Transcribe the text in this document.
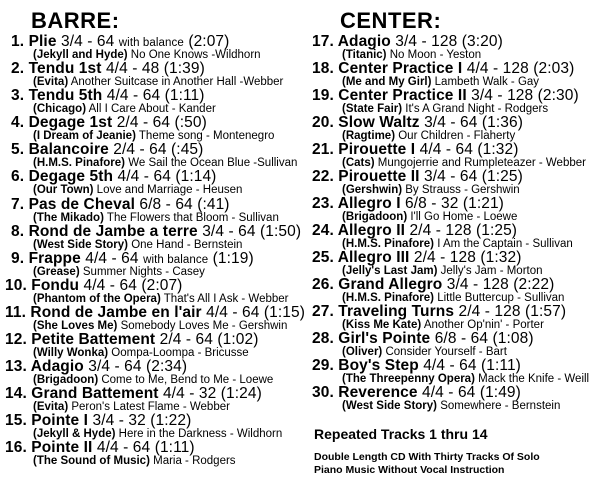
BARRE:
1. Plie 3/4 - 64 with balance (2:07)
(Jekyll and Hyde) No One Knows -Wildhorn
2. Tendu 1st 4/4 - 48 (1:39)
(Evita) Another Suitcase in Another Hall -Webber
3. Tendu 5th 4/4 - 64 (1:11)
(Chicago) All I Care About - Kander
4. Degage 1st 2/4 - 64 (:50)
(I Dream of Jeanie) Theme song - Montenegro
5. Balancoire 2/4 - 64 (:45)
(H.M.S. Pinafore) We Sail the Ocean Blue -Sullivan
6. Degage 5th 4/4 - 64 (1:14)
(Our Town) Love and Marriage - Heusen
7. Pas de Cheval 6/8 - 64 (:41)
(The Mikado) The Flowers that Bloom - Sullivan
8. Rond de Jambe a terre 3/4 - 64 (1:50)
(West Side Story) One Hand - Bernstein
9. Frappe 4/4 - 64 with balance (1:19)
(Grease) Summer Nights - Casey
10. Fondu 4/4 - 64 (2:07)
(Phantom of the Opera) That's All I Ask - Webber
11. Rond de Jambe en l'air 4/4 - 64 (1:15)
(She Loves Me) Somebody Loves Me - Gershwin
12. Petite Battement 2/4 - 64 (1:02)
(Willy Wonka) Oompa-Loompa - Bricusse
13. Adagio 3/4 - 64 (2:34)
(Brigadoon) Come to Me, Bend to Me - Loewe
14. Grand Battement 4/4 - 32 (1:24)
(Evita) Peron's Latest Flame - Webber
15. Pointe I 3/4 - 32 (1:22)
(Jekyll & Hyde) Here in the Darkness - Wildhorn
16. Pointe II 4/4 - 64 (1:11)
(The Sound of Music) Maria - Rodgers
CENTER:
17. Adagio 3/4 - 128 (3:20)
(Titanic) No Moon - Yeston
18. Center Practice I 4/4 - 128 (2:03)
(Me and My Girl) Lambeth Walk - Gay
19. Center Practice II 3/4 - 128 (2:30)
(State Fair) It's A Grand Night - Rodgers
20. Slow Waltz 3/4 - 64 (1:36)
(Ragtime) Our Children - Flaherty
21. Pirouette I 4/4 - 64 (1:32)
(Cats) Mungojerrie and Rumpleteazer - Webber
22. Pirouette II 3/4 - 64 (1:25)
(Gershwin) By Strauss - Gershwin
23. Allegro I 6/8 - 32 (1:21)
(Brigadoon) I'll Go Home - Loewe
24. Allegro II 2/4 - 128 (1:25)
(H.M.S. Pinafore) I Am the Captain - Sullivan
25. Allegro III 2/4 - 128 (1:32)
(Jelly's Last Jam) Jelly's Jam - Morton
26. Grand Allegro 3/4 - 128 (2:22)
(H.M.S. Pinafore) Little Buttercup - Sullivan
27. Traveling Turns 2/4 - 128 (1:57)
(Kiss Me Kate) Another Op'nin' - Porter
28. Girl's Pointe 6/8 - 64 (1:08)
(Oliver) Consider Yourself - Bart
29. Boy's Step 4/4 - 64 (1:11)
(The Threepenny Opera) Mack the Knife - Weill
30. Reverence 4/4 - 64 (1:49)
(West Side Story) Somewhere - Bernstein
Repeated Tracks 1 thru 14
Double Length CD With Thirty Tracks Of Solo
Piano Music Without Vocal Instruction
